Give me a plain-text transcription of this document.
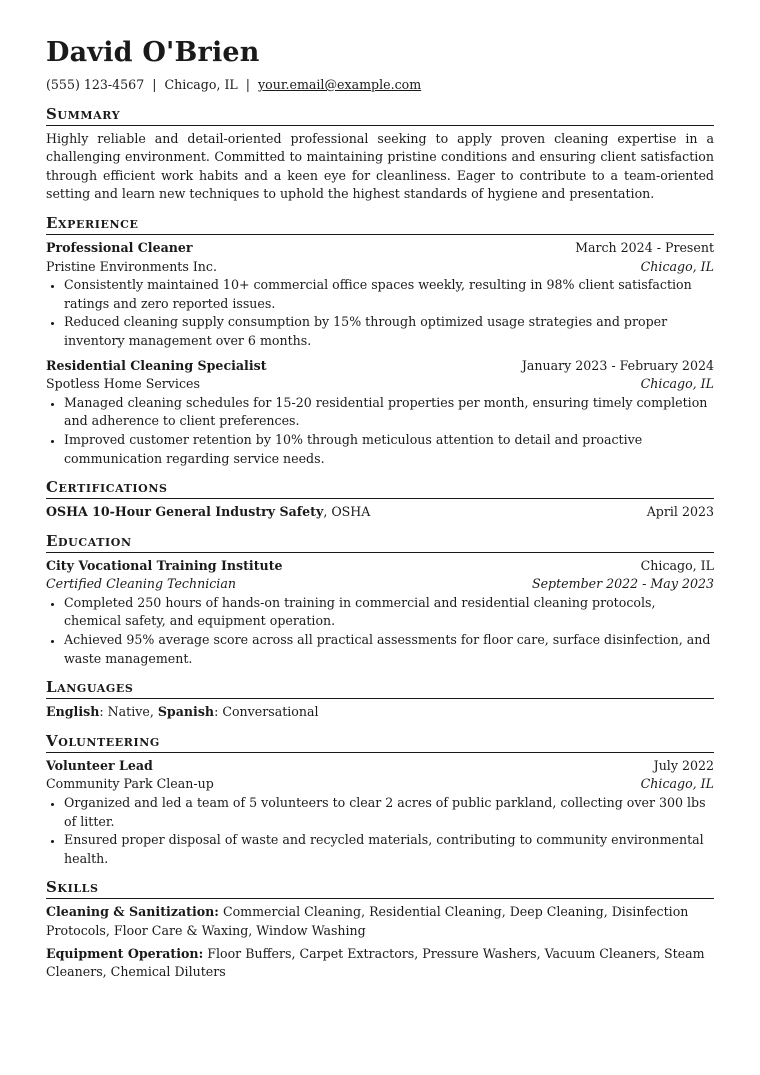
David O'Brien
(555) 123-4567 | Chicago, IL | your.email@example.com
Summary

Highly reliable and detail-oriented professional seeking to apply proven cleaning expertise in a challenging environment. Committed to maintaining pristine conditions and ensuring client satisfaction through efficient work habits and a keen eye for cleanliness. Eager to contribute to a team-oriented setting and learn new techniques to uphold the highest standards of hygiene and presentation.

Experience
Professional Cleaner	March 2024 - Present
Pristine Environments Inc.	Chicago, IL
• Consistently maintained 10+ commercial office spaces weekly, resulting in 98% client satisfaction ratings and zero reported issues.
• Reduced cleaning supply consumption by 15% through optimized usage strategies and proper inventory management over 6 months.
Residential Cleaning Specialist	January 2023 - February 2024
Spotless Home Services	Chicago, IL
• Managed cleaning schedules for 15-20 residential properties per month, ensuring timely completion and adherence to client preferences.
• Improved customer retention by 10% through meticulous attention to detail and proactive communication regarding service needs.
Certifications
OSHA 10-Hour General Industry Safety, OSHA	April 2023
Education
City Vocational Training Institute	Chicago, IL
Certified Cleaning Technician	September 2022 - May 2023
• Completed 250 hours of hands-on training in commercial and residential cleaning protocols, chemical safety, and equipment operation.
• Achieved 95% average score across all practical assessments for floor care, surface disinfection, and waste management.
Languages
English: Native, Spanish: Conversational
Volunteering
Volunteer Lead	July 2022
Community Park Clean-up	Chicago, IL
• Organized and led a team of 5 volunteers to clear 2 acres of public parkland, collecting over 300 lbs of litter.
• Ensured proper disposal of waste and recycled materials, contributing to community environmental health.
Skills

Cleaning & Sanitization: Commercial Cleaning, Residential Cleaning, Deep Cleaning, Disinfection Protocols, Floor Care & Waxing, Window Washing

Equipment Operation: Floor Buffers, Carpet Extractors, Pressure Washers, Vacuum Cleaners, Steam Cleaners, Chemical Diluters
